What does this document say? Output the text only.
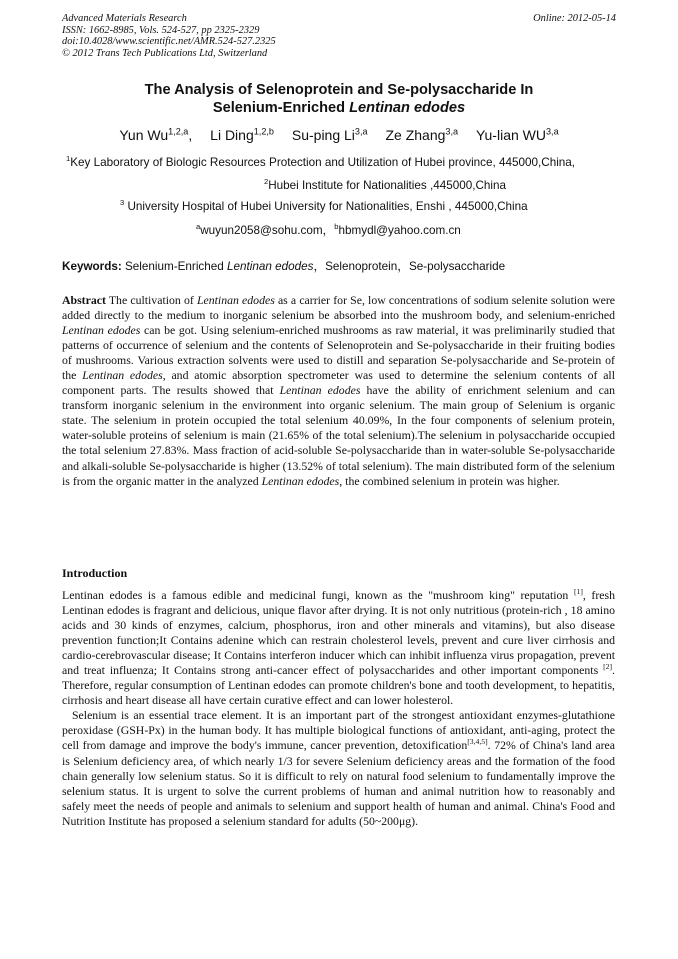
Advanced Materials Research
ISSN: 1662-8985, Vols. 524-527, pp 2325-2329
doi:10.4028/www.scientific.net/AMR.524-527.2325
© 2012 Trans Tech Publications Ltd, Switzerland
Online: 2012-05-14
The Analysis of Selenoprotein and Se-polysaccharide In
Selenium-Enriched Lentinan edodes
Yun Wu$^{1,2,a}$, Li Ding$^{1,2,b}$ Su-ping Li$^{3,a}$ Ze Zhang$^{3,a}$ Yu-lian WU$^{3,a}$
$^1$Key Laboratory of Biologic Resources Protection and Utilization of Hubei province, 445000,China,
$^2$Hubei Institute for Nationalities ,445000,China
$^3$ University Hospital of Hubei University for Nationalities, Enshi , 445000,China
$^a$wuyun2058@sohu.com，$^b$hbmydl@yahoo.com.cn
Keywords: Selenium-Enriched Lentinan edodes，Selenoprotein，Se-polysaccharide
Abstract The cultivation of Lentinan edodes as a carrier for Se, low concentrations of sodium selenite solution were added directly to the medium to inorganic selenium be absorbed into the mushroom body, and selenium-enriched Lentinan edodes can be got. Using selenium-enriched mushrooms as raw material, it was preliminarily studied that patterns of occurrence of selenium and the contents of Selenoprotein and Se-polysaccharide in their fruiting bodies of mushrooms. Various extraction solvents were used to distill and separation Se-polysaccharide and Se-protein of the Lentinan edodes, and atomic absorption spectrometer was used to determine the selenium contents of all component parts. The results showed that Lentinan edodes have the ability of enrichment selenium and can transform inorganic selenium in the environment into organic selenium. The main group of Selenium is organic state. The selenium in protein occupied the total selenium 40.09%, In the four components of selenium protein, water-soluble proteins of selenium is main (21.65% of the total selenium).The selenium in polysaccharide occupied the total selenium 27.83%. Mass fraction of acid-soluble Se-polysaccharide than in water-soluble Se-polysaccharide and alkali-soluble Se-polysaccharide is higher (13.52% of total selenium). The main distributed form of the selenium is from the organic matter in the analyzed Lentinan edodes, the combined selenium in protein was higher.
Introduction

Lentinan edodes is a famous edible and medicinal fungi, known as the "mushroom king" reputation [1], fresh Lentinan edodes is fragrant and delicious, unique flavor after drying. It is not only nutritious (protein-rich , 18 amino acids and 30 kinds of enzymes, calcium, phosphorus, iron and other minerals and vitamins), but also disease prevention function;It Contains adenine which can restrain cholesterol levels, prevent and cure liver cirrhosis and cardio-cerebrovascular disease; It Contains interferon inducer which can inhibit influenza virus propagation, prevent and treat influenza; It Contains strong anti-cancer effect of polysaccharides and other important components [2]. Therefore, regular consumption of Lentinan edodes can promote children's bone and tooth development, to hepatitis, cirrhosis and heart disease all have certain curative effect and can lower holesterol.

Selenium is an essential trace element. It is an important part of the strongest antioxidant enzymes-glutathione peroxidase (GSH-Px) in the human body. It has multiple biological functions of antioxidant, anti-aging, protect the cell from damage and improve the body's immune, cancer prevention, detoxification[3,4,5]. 72% of China's land area is Selenium deficiency area, of which nearly 1/3 for severe Selenium deficiency areas and the formation of the food chain generally low selenium status. So it is difficult to rely on natural food selenium to fundamentally improve the selenium status. It is urgent to solve the current problems of human and animal nutrition how to reasonably and safely meet the needs of people and animals to selenium and support health of human and animal. China's Food and Nutrition Institute has proposed a selenium standard for adults (50~200μg).
